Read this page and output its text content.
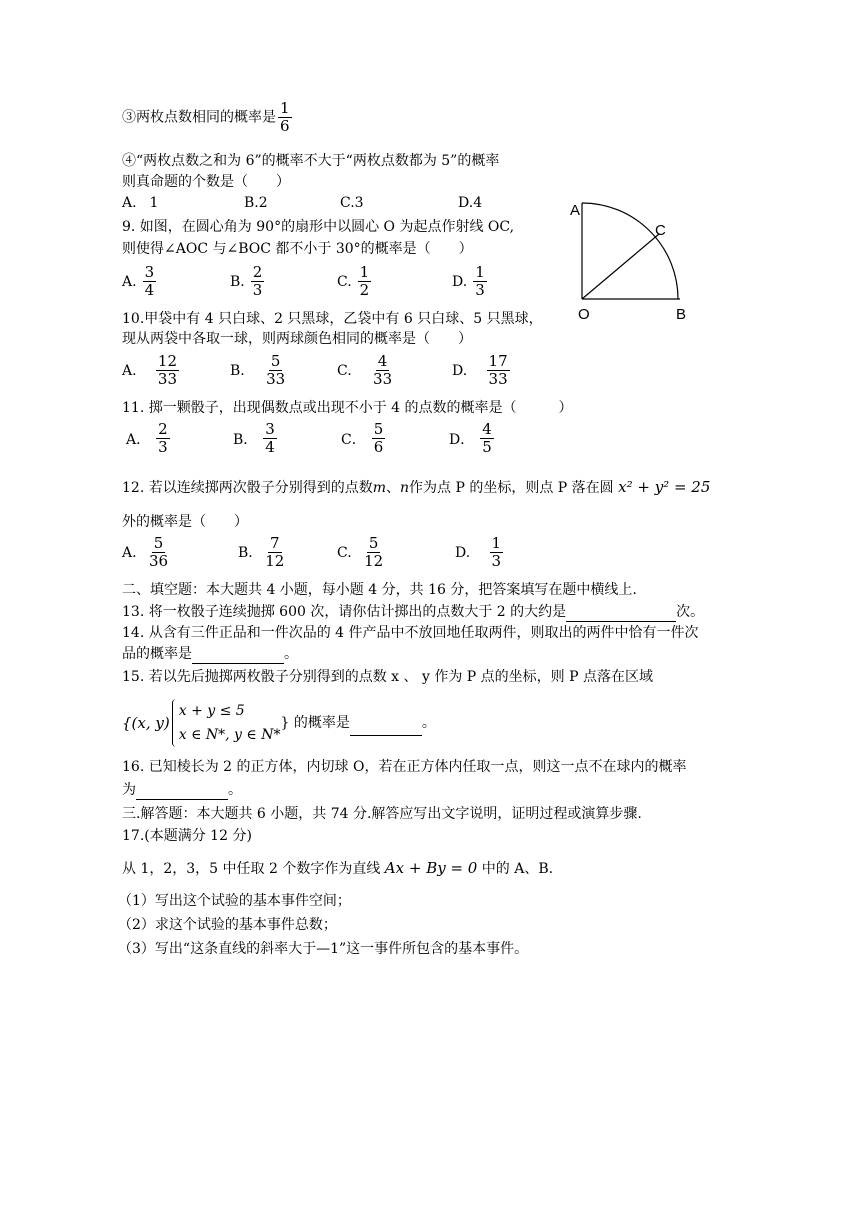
③两枚点数相同的概率是 $\frac{1}{6}$
④“两枚点数之和为 6”的概率不大于“两枚点数都为 5”的概率
则真命题的个数是（　　）
A.
1	B. 2	C. 3	D. 4
9. 如图，在圆心角为 90°的扇形中以圆心 O 为起点作射线 OC,
则使得∠AOC 与∠BOC 都不小于 30°的概率是（　　）
A. $\frac{3}{4}$	B. $\frac{2}{3}$	C. $\frac{1}{2}$	D. $\frac{1}{3}$
A
C
O	B
10.甲袋中有 4 只白球、2 只黑球，乙袋中有 6 只白球、5 只黑球，
现从两袋中各取一球，则两球颜色相同的概率是（　　）
A.
$\frac{12}{33}$	B.
$\frac{5}{33}$	C.
$\frac{4}{33}$	D.
$\frac{17}{33}$
11. 掷一颗骰子，出现偶数点或出现不小于 4 的点数的概率是（　　　）
A． $\frac{2}{3}$	B． $\frac{3}{4}$	C． $\frac{5}{6}$	D． $\frac{4}{5}$
12. 若以连续掷两次骰子分别得到的点数m、n作为点 P 的坐标，则点 P 落在圆 x² + y² = 25
外的概率是（　　）
A.
$\frac{5}{36}$	B.
$\frac{7}{12}$	C.
$\frac{5}{12}$	D.
$\frac{1}{3}$
二、填空题：本大题共 4 小题，每小题 4 分，共 16 分，把答案填写在题中横线上.
13. 将一枚骰子连续抛掷 600 次，请你估计掷出的点数大于 2 的大约是	次。
14. 从含有三件正品和一件次品的 4 件产品中不放回地任取两件，则取出的两件中恰有一件次
品的概率是	。
15. 若以先后抛掷两枚骰子分别得到的点数 x 、 y 作为 P 点的坐标，则 P 点落在区域
{(x, y)
x + y ≤ 5
x ∈ N*, y ∈ N*
} 的概率是	。
16. 已知棱长为 2 的正方体，内切球 O，若在正方体内任取一点，则这一点不在球内的概率
为	。
三.解答题：本大题共 6 小题，共 74 分.解答应写出文字说明，证明过程或演算步骤.
17.(本题满分 12 分)
从 1，2，3，5 中任取 2 个数字作为直线 Ax + By = 0 中的 A、B.
（1）写出这个试验的基本事件空间；
（2）求这个试验的基本事件总数；
（3）写出“这条直线的斜率大于—1”这一事件所包含的基本事件。
